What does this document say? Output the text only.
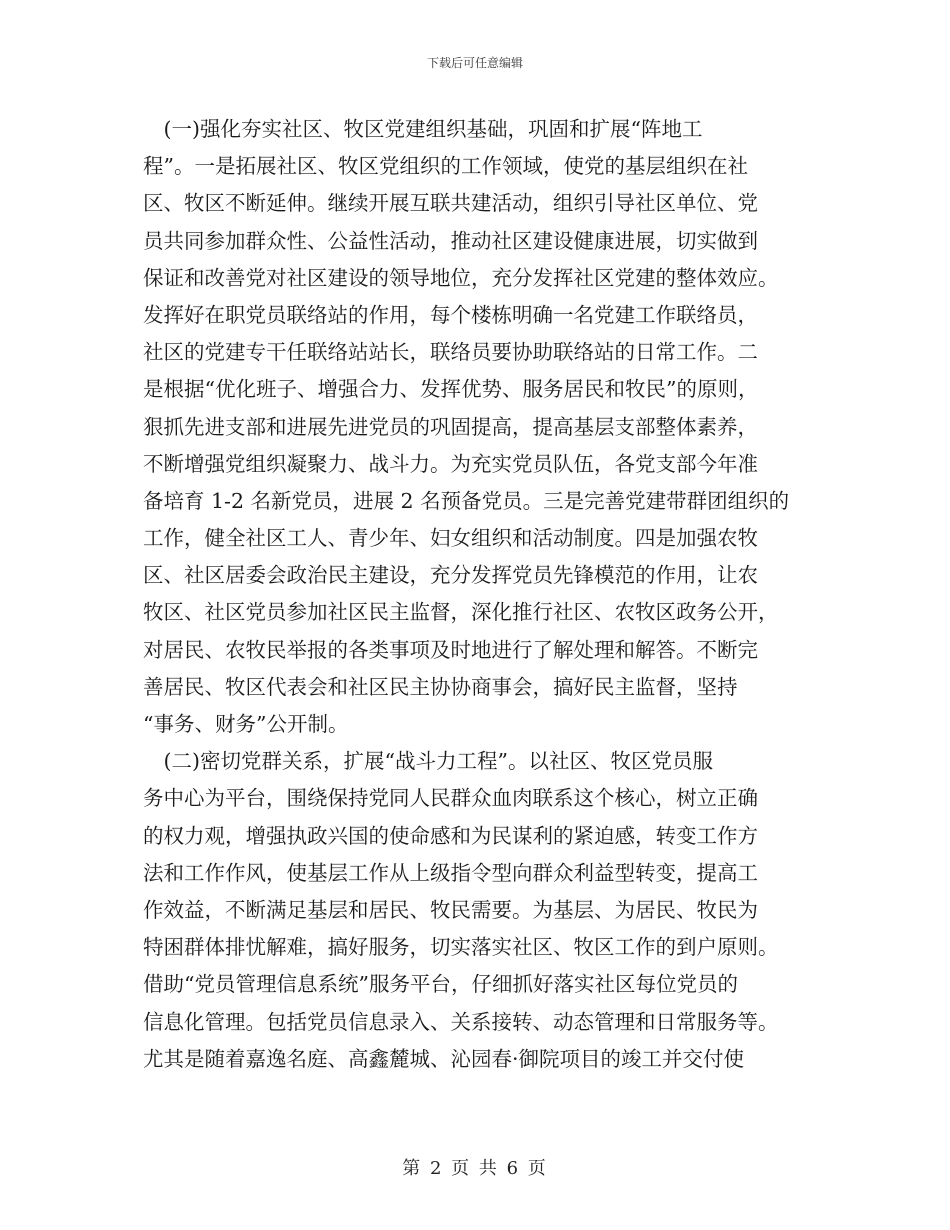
下载后可任意编辑
　(一)强化夯实社区、牧区党建组织基础，巩固和扩展“阵地工
程”。一是拓展社区、牧区党组织的工作领域，使党的基层组织在社
区、牧区不断延伸。继续开展互联共建活动，组织引导社区单位、党
员共同参加群众性、公益性活动，推动社区建设健康进展，切实做到
保证和改善党对社区建设的领导地位，充分发挥社区党建的整体效应。
发挥好在职党员联络站的作用，每个楼栋明确一名党建工作联络员，
社区的党建专干任联络站站长，联络员要协助联络站的日常工作。二
是根据“优化班子、增强合力、发挥优势、服务居民和牧民”的原则，
狠抓先进支部和进展先进党员的巩固提高，提高基层支部整体素养，
不断增强党组织凝聚力、战斗力。为充实党员队伍，各党支部今年准
备培育 1-2 名新党员，进展 2 名预备党员。三是完善党建带群团组织的
工作，健全社区工人、青少年、妇女组织和活动制度。四是加强农牧
区、社区居委会政治民主建设，充分发挥党员先锋模范的作用，让农
牧区、社区党员参加社区民主监督，深化推行社区、农牧区政务公开，
对居民、农牧民举报的各类事项及时地进行了解处理和解答。不断完
善居民、牧区代表会和社区民主协协商事会，搞好民主监督，坚持
“事务、财务”公开制。
　(二)密切党群关系，扩展“战斗力工程”。以社区、牧区党员服
务中心为平台，围绕保持党同人民群众血肉联系这个核心，树立正确
的权力观，增强执政兴国的使命感和为民谋利的紧迫感，转变工作方
法和工作作风，使基层工作从上级指令型向群众利益型转变，提高工
作效益，不断满足基层和居民、牧民需要。为基层、为居民、牧民为
特困群体排忧解难，搞好服务，切实落实社区、牧区工作的到户原则。
借助“党员管理信息系统”服务平台，仔细抓好落实社区每位党员的
信息化管理。包括党员信息录入、关系接转、动态管理和日常服务等。
尤其是随着嘉逸名庭、高鑫麓城、沁园春·御院项目的竣工并交付使
第 2 页 共 6 页
